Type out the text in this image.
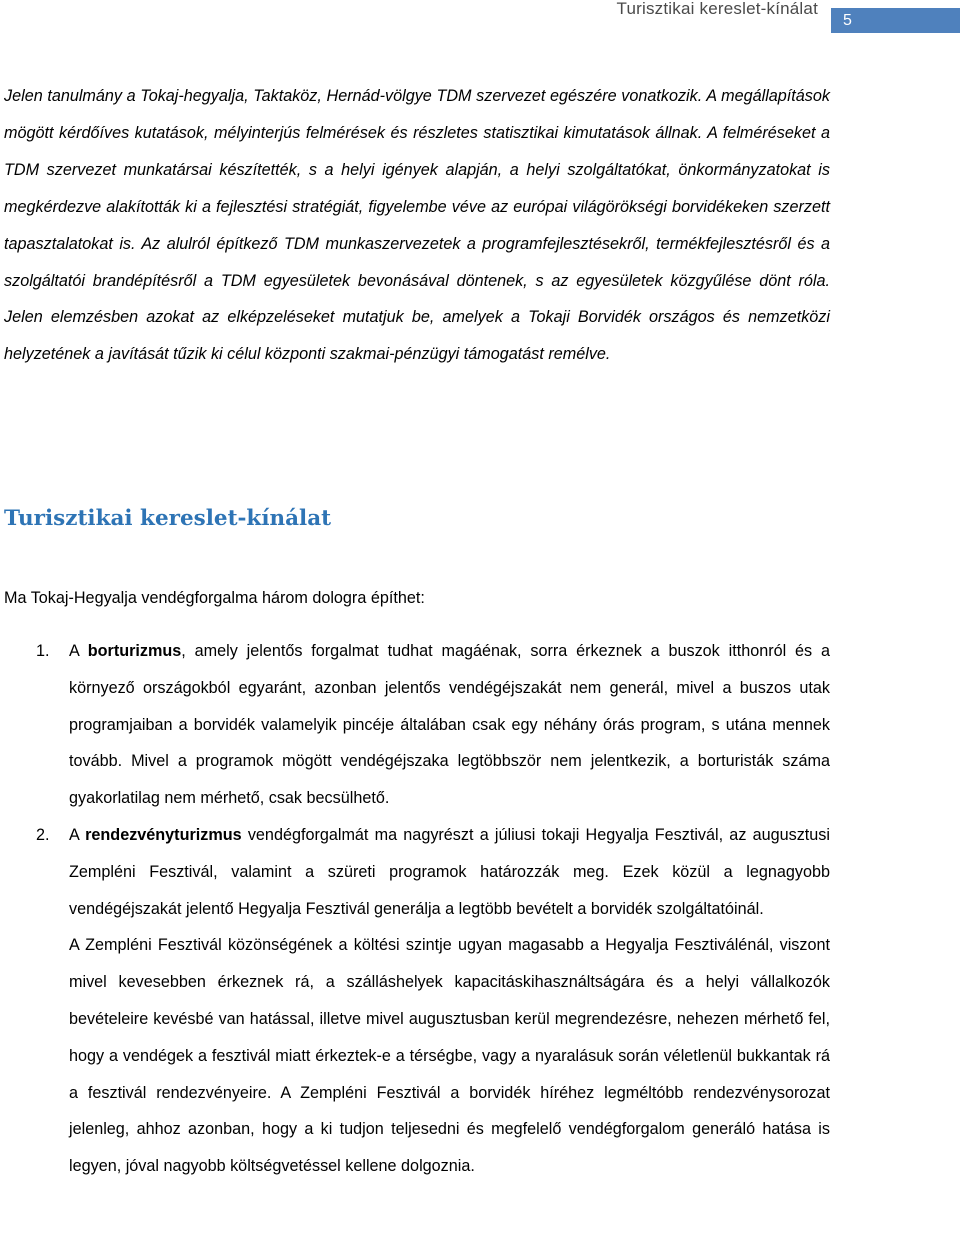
Turisztikai kereslet-kínálat
5

Jelen tanulmány a Tokaj-hegyalja, Taktaköz, Hernád-völgye TDM szervezet egészére vonatkozik. A megállapítások mögött kérdőíves kutatások, mélyinterjús felmérések és részletes statisztikai kimutatások állnak. A felméréseket a TDM szervezet munkatársai készítették, s a helyi igények alapján, a helyi szolgáltatókat, önkormányzatokat is megkérdezve alakították ki a fejlesztési stratégiát, figyelembe véve az európai világörökségi borvidékeken szerzett tapasztalatokat is. Az alulról építkező TDM munkaszervezetek a programfejlesztésekről, termékfejlesztésről és a szolgáltatói brandépítésről a TDM egyesületek bevonásával döntenek, s az egyesületek közgyűlése dönt róla. Jelen elemzésben azokat az elképzeléseket mutatjuk be, amelyek a Tokaji Borvidék országos és nemzetközi helyzetének a javítását tűzik ki célul központi szakmai-pénzügyi támogatást remélve.

Turisztikai kereslet-kínálat

Ma Tokaj-Hegyalja vendégforgalma három dologra építhet:

1. A borturizmus, amely jelentős forgalmat tudhat magáénak, sorra érkeznek a buszok itthonról és a környező országokból egyaránt, azonban jelentős vendégéjszakát nem generál, mivel a buszos utak programjaiban a borvidék valamelyik pincéje általában csak egy néhány órás program, s utána mennek tovább. Mivel a programok mögött vendégéjszaka legtöbbször nem jelentkezik, a borturisták száma gyakorlatilag nem mérhető, csak becsülhető.

2. A rendezvényturizmus vendégforgalmát ma nagyrészt a júliusi tokaji Hegyalja Fesztivál, az augusztusi Zempléni Fesztivál, valamint a szüreti programok határozzák meg. Ezek közül a legnagyobb vendégéjszakát jelentő Hegyalja Fesztivál generálja a legtöbb bevételt a borvidék szolgáltatóinál.

A Zempléni Fesztivál közönségének a költési szintje ugyan magasabb a Hegyalja Fesztiválénál, viszont mivel kevesebben érkeznek rá, a szálláshelyek kapacitáskihasználtságára és a helyi vállalkozók bevételeire kevésbé van hatással, illetve mivel augusztusban kerül megrendezésre, nehezen mérhető fel, hogy a vendégek a fesztivál miatt érkeztek-e a térségbe, vagy a nyaralásuk során véletlenül bukkantak rá a fesztivál rendezvényeire. A Zempléni Fesztivál a borvidék híréhez legméltóbb rendezvénysorozat jelenleg, ahhoz azonban, hogy a ki tudjon teljesedni és megfelelő vendégforgalom generáló hatása is legyen, jóval nagyobb költségvetéssel kellene dolgoznia.
